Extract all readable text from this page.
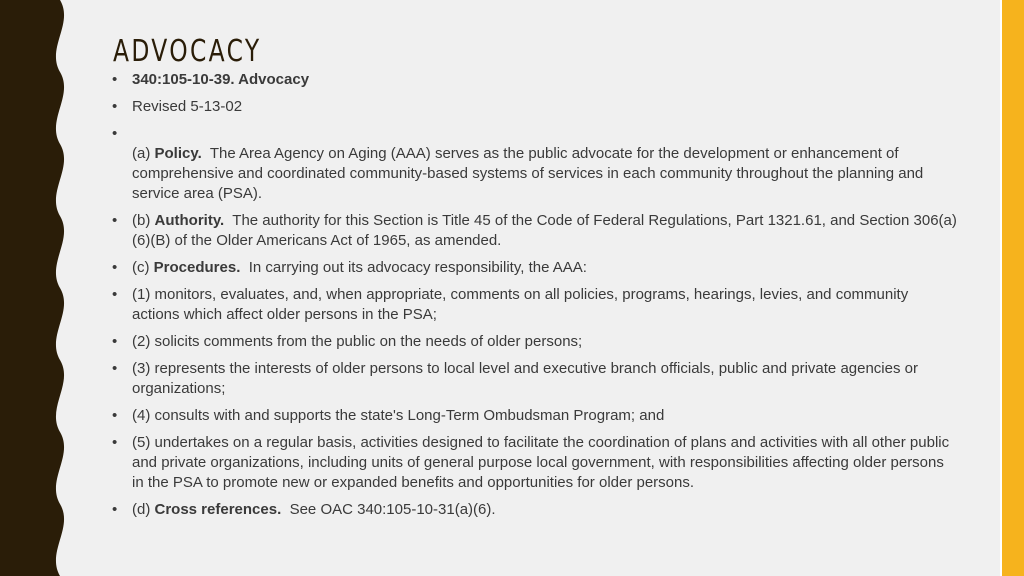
ADVOCACY
• 340:105-10-39. Advocacy
• Revised 5-13-02
•
(a) Policy.  The Area Agency on Aging (AAA) serves as the public advocate for the development or enhancement of comprehensive and coordinated community-based systems of services in each community throughout the planning and service area (PSA).
• (b) Authority.  The authority for this Section is Title 45 of the Code of Federal Regulations, Part 1321.61, and Section 306(a)(6)(B) of the Older Americans Act of 1965, as amended.
• (c) Procedures.  In carrying out its advocacy responsibility, the AAA:
• (1) monitors, evaluates, and, when appropriate, comments on all policies, programs, hearings, levies, and community actions which affect older persons in the PSA;
• (2) solicits comments from the public on the needs of older persons;
• (3) represents the interests of older persons to local level and executive branch officials, public and private agencies or organizations;
• (4) consults with and supports the state's Long-Term Ombudsman Program; and
• (5) undertakes on a regular basis, activities designed to facilitate the coordination of plans and activities with all other public and private organizations, including units of general purpose local government, with responsibilities affecting older persons in the PSA to promote new or expanded benefits and opportunities for older persons.
• (d) Cross references.  See OAC 340:105-10-31(a)(6).
